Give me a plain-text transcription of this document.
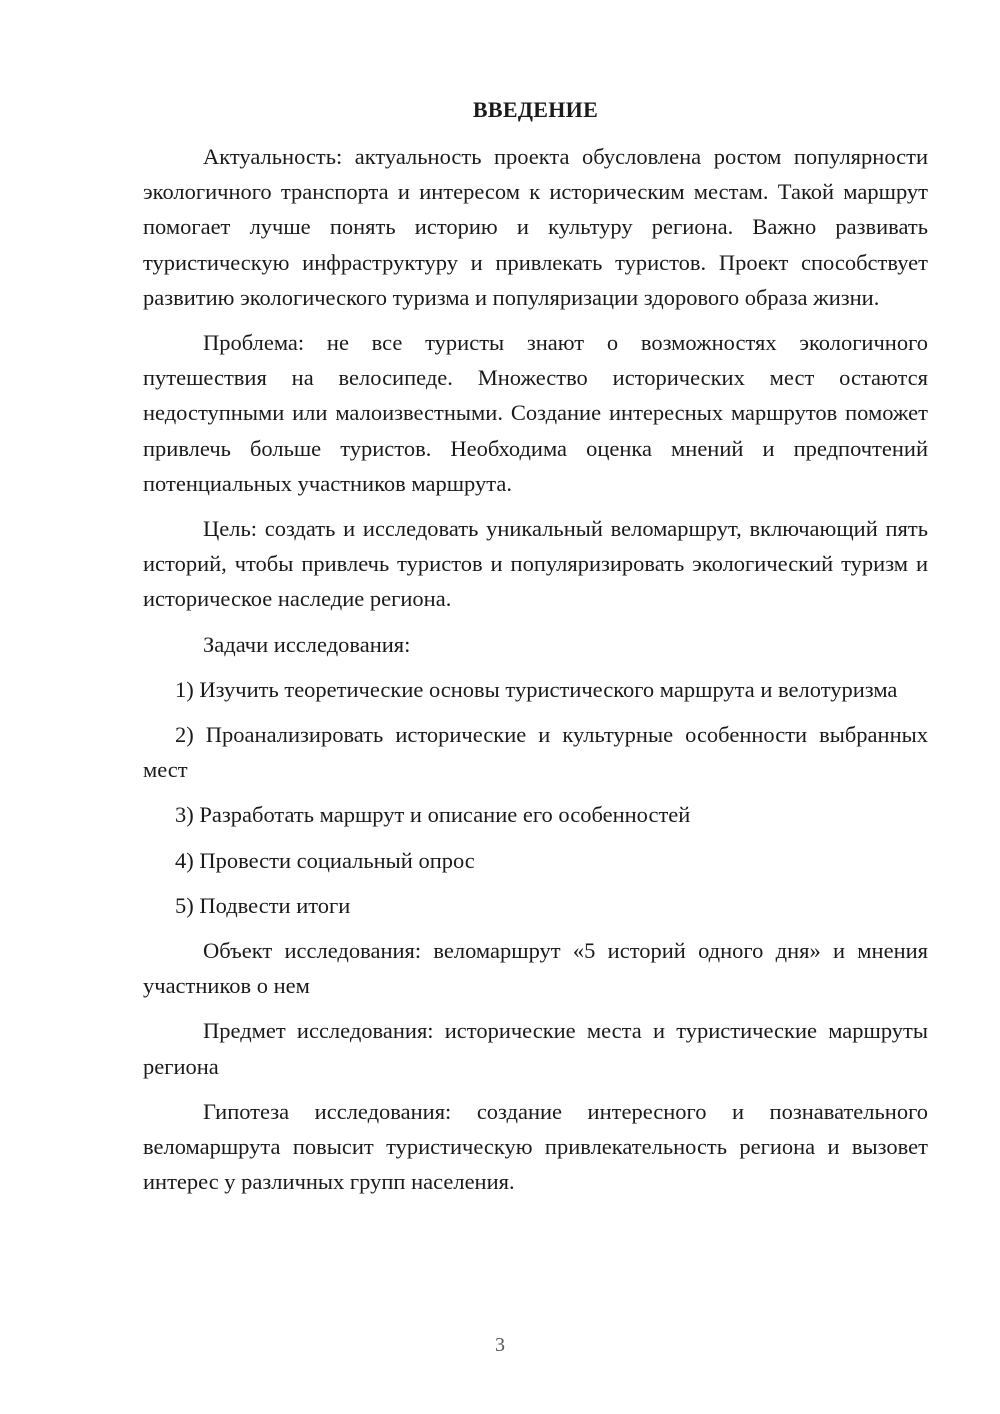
ВВЕДЕНИЕ

Актуальность: актуальность проекта обусловлена ростом популярности экологичного транспорта и интересом к историческим местам. Такой маршрут помогает лучше понять историю и культуру региона. Важно развивать туристическую инфраструктуру и привлекать туристов. Проект способствует развитию экологического туризма и популяризации здорового образа жизни.

Проблема: не все туристы знают о возможностях экологичного путешествия на велосипеде. Множество исторических мест остаются недоступными или малоизвестными. Создание интересных маршрутов поможет привлечь больше туристов. Необходима оценка мнений и предпочтений потенциальных участников маршрута.

Цель: создать и исследовать уникальный веломаршрут, включающий пять историй, чтобы привлечь туристов и популяризировать экологический туризм и историческое наследие региона.

Задачи исследования:

1) Изучить теоретические основы туристического маршрута и велотуризма

2) Проанализировать исторические и культурные особенности выбранных мест

3) Разработать маршрут и описание его особенностей

4) Провести социальный опрос

5) Подвести итоги

Объект исследования: веломаршрут «5 историй одного дня» и мнения участников о нем

Предмет исследования: исторические места и туристические маршруты региона

Гипотеза исследования: создание интересного и познавательного веломаршрута повысит туристическую привлекательность региона и вызовет интерес у различных групп населения.

3
